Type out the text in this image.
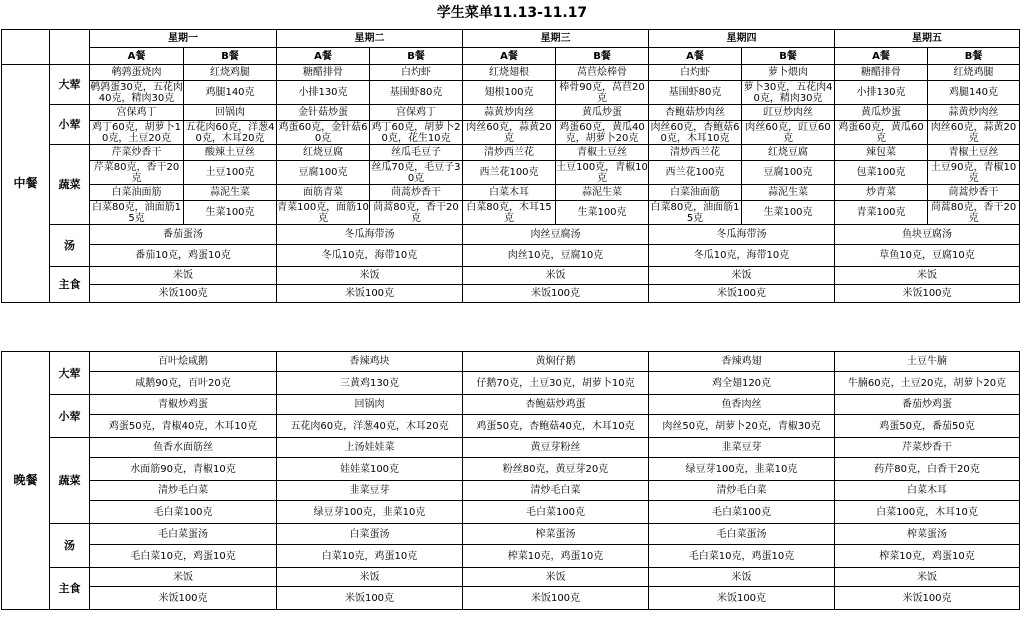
学生菜单11.13-11.17
		星期一		星期二		星期三		星期四		星期五	
		A餐	B餐	A餐	B餐	A餐	B餐	A餐	B餐	A餐	B餐
中餐	大荤	鹌鹑蛋烧肉	红烧鸡腿	糖醋排骨	白灼虾	红烧翅根	莴苣烩棒骨	白灼虾	萝卜煨肉	糖醋排骨	红烧鸡腿
		鹌鹑蛋30克，五花肉40克，精肉30克	鸡腿140克	小排130克	基围虾80克	翅根100克	棒骨90克，莴苣20克	基围虾80克	萝卜30克，五花肉40克，精肉30克	小排130克	鸡腿140克
	小荤	宫保鸡丁	回锅肉	金针菇炒蛋	宫保鸡丁	蒜黄炒肉丝	黄瓜炒蛋	杏鲍菇炒肉丝	豇豆炒肉丝	黄瓜炒蛋	蒜黄炒肉丝
		鸡丁60克，胡萝卜10克，土豆20克	五花肉60克，洋葱40克，木耳20克	鸡蛋60克，金针菇60克	鸡丁60克，胡萝卜20克，花生10克	肉丝60克，蒜黄20克	鸡蛋60克，黄瓜40克，胡萝卜20克	肉丝60克，杏鲍菇60克，木耳10克	肉丝60克，豇豆60克	鸡蛋60克，黄瓜60克	肉丝60克，蒜黄20克
	蔬菜	芹菜炒香干	酸辣土豆丝	红烧豆腐	丝瓜毛豆子	清炒西兰花	青椒土豆丝	清炒西兰花	红烧豆腐	辣包菜	青椒土豆丝
		芹菜80克，香干20克	土豆100克	豆腐100克	丝瓜70克，毛豆子30克	西兰花100克	土豆100克，青椒10克	西兰花100克	豆腐100克	包菜100克	土豆90克，青椒10克
		白菜油面筋	蒜泥生菜	面筋青菜	茼蒿炒香干	白菜木耳	蒜泥生菜	白菜油面筋	蒜泥生菜	炒青菜	茼蒿炒香干
		白菜80克，油面筋15克	生菜100克	青菜100克，面筋10克	茼蒿80克，香干20克	白菜80克，木耳15克	生菜100克	白菜80克，油面筋15克	生菜100克	青菜100克	茼蒿80克，香干20克
	汤	番茄蛋汤		冬瓜海带汤		肉丝豆腐汤		冬瓜海带汤		鱼块豆腐汤	
		番茄10克，鸡蛋10克		冬瓜10克，海带10克		肉丝10克，豆腐10克		冬瓜10克，海带10克		草鱼10克，豆腐10克	
	主食	米饭		米饭		米饭		米饭		米饭	
		米饭100克		米饭100克		米饭100克		米饭100克		米饭100克	
晚餐	大荤	百叶烩咸鹅	香辣鸡块	黄焖仔鹅	香辣鸡翅	土豆牛腩
		咸鹅90克，百叶20克	三黄鸡130克	仔鹅70克，土豆30克，胡萝卜10克	鸡全翅120克	牛腩60克，土豆20克，胡萝卜20克
	小荤	青椒炒鸡蛋	回锅肉	杏鲍菇炒鸡蛋	鱼香肉丝	番茄炒鸡蛋
		鸡蛋50克，青椒40克，木耳10克	五花肉60克，洋葱40克，木耳20克	鸡蛋50克，杏鲍菇40克，木耳10克	肉丝50克，胡萝卜20克，青椒30克	鸡蛋50克，番茄50克
	蔬菜	鱼香水面筋丝	上汤娃娃菜	黄豆芽粉丝	韭菜豆芽	芹菜炒香干
		水面筋90克，青椒10克	娃娃菜100克	粉丝80克，黄豆芽20克	绿豆芽100克，韭菜10克	药芹80克，白香干20克
		清炒毛白菜	韭菜豆芽	清炒毛白菜	清炒毛白菜	白菜木耳
		毛白菜100克	绿豆芽100克，韭菜10克	毛白菜100克	毛白菜100克	白菜100克，木耳10克
	汤	毛白菜蛋汤	白菜蛋汤	榨菜蛋汤	毛白菜蛋汤	榨菜蛋汤
		毛白菜10克，鸡蛋10克	白菜10克，鸡蛋10克	榨菜10克，鸡蛋10克	毛白菜10克，鸡蛋10克	榨菜10克，鸡蛋10克
	主食	米饭	米饭	米饭	米饭	米饭
		米饭100克	米饭100克	米饭100克	米饭100克	米饭100克
